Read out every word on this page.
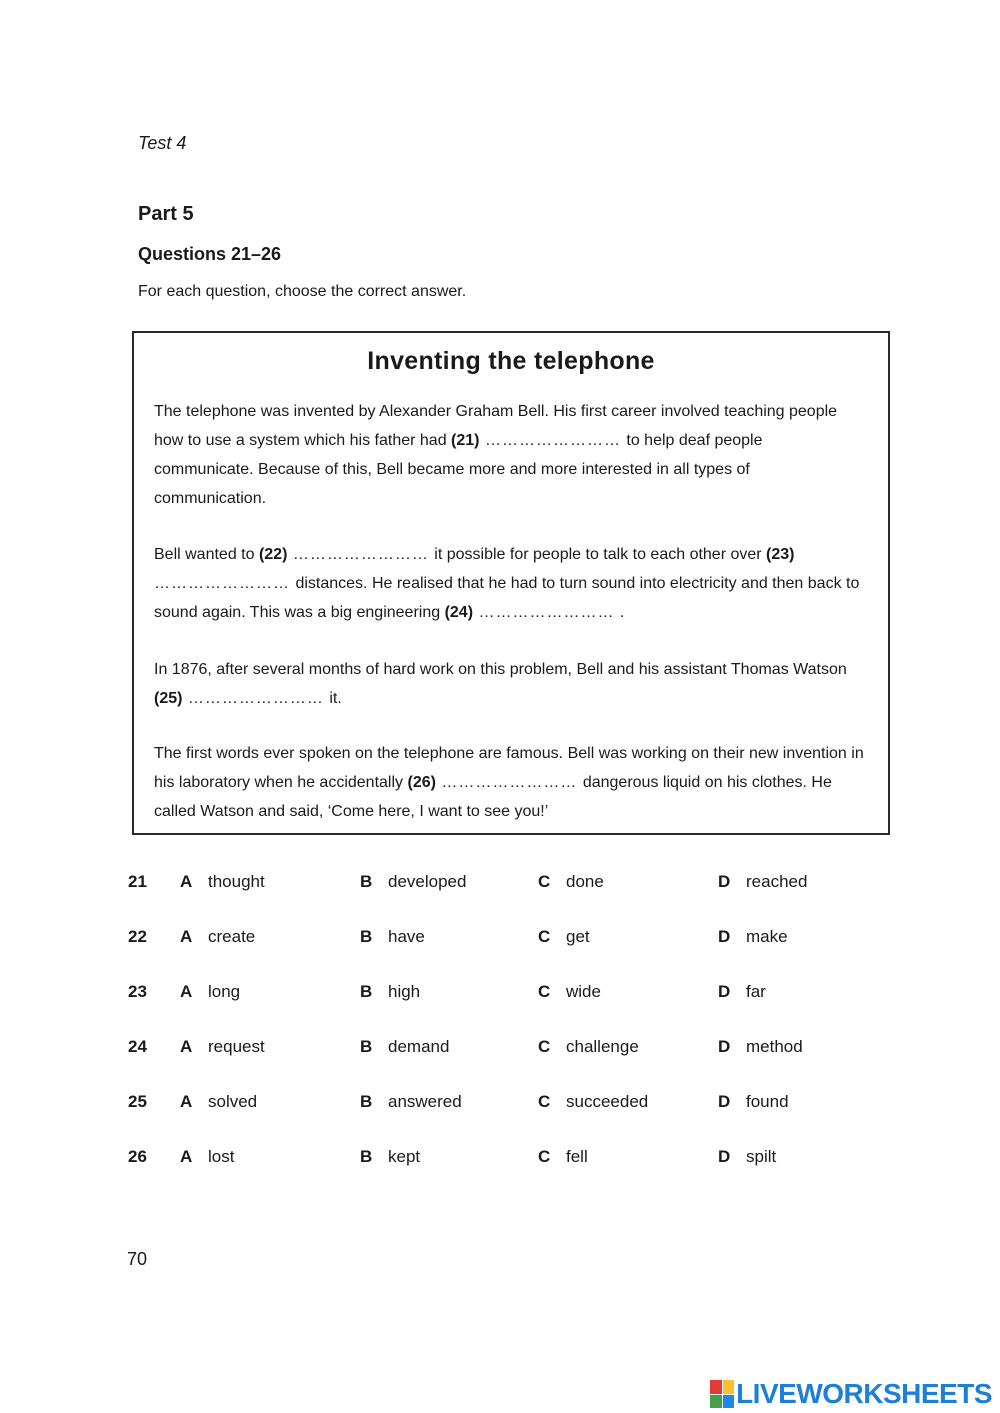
Test 4
Part 5
Questions 21–26
For each question, choose the correct answer.
Inventing the telephone

The telephone was invented by Alexander Graham Bell. His first career involved teaching people how to use a system which his father had (21) …………………… to help deaf people communicate. Because of this, Bell became more and more interested in all types of communication.

Bell wanted to (22) …………………… it possible for people to talk to each other over (23) …………………… distances. He realised that he had to turn sound into electricity and then back to sound again. This was a big engineering (24) …………………… .

In 1876, after several months of hard work on this problem, Bell and his assistant Thomas Watson (25) …………………… it.

The first words ever spoken on the telephone are famous. Bell was working on their new invention in his laboratory when he accidentally (26) …………………… dangerous liquid on his clothes. He called Watson and said, ‘Come here, I want to see you!’

21 A thought	B developed	C done	D reached
22 A create	B have	C get	D make
23 A long	B high	C wide	D far
24 A request	B demand	C challenge	D method
25 A solved	B answered	C succeeded	D found
26 A lost	B kept	C fell	D spilt
70
LIVEWORKSHEETS
